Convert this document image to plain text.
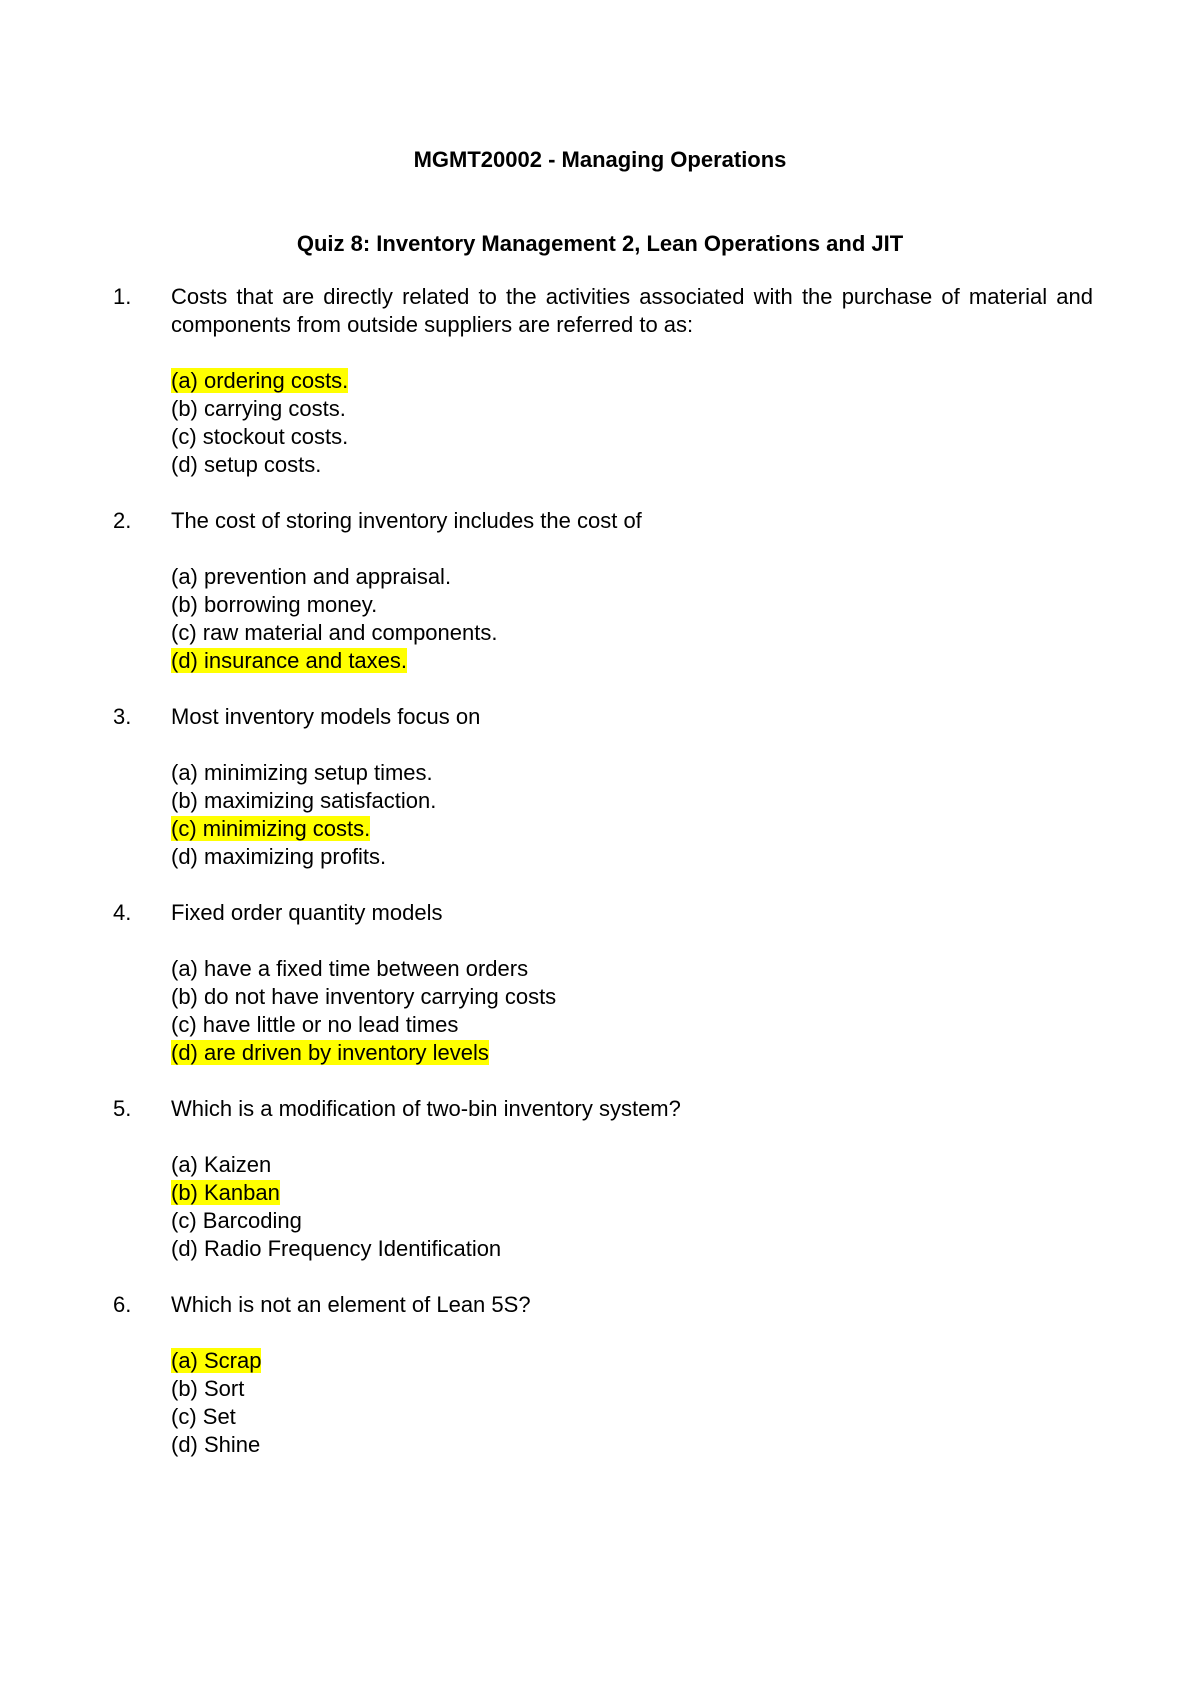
MGMT20002 - Managing Operations
Quiz 8: Inventory Management 2, Lean Operations and JIT
1. Costs that are directly related to the activities associated with the purchase of material and components from outside suppliers are referred to as:
(a) ordering costs.
(b) carrying costs.
(c) stockout costs.
(d) setup costs.
2. The cost of storing inventory includes the cost of
(a) prevention and appraisal.
(b) borrowing money.
(c) raw material and components.
(d) insurance and taxes.
3. Most inventory models focus on
(a) minimizing setup times.
(b) maximizing satisfaction.
(c) minimizing costs.
(d) maximizing profits.
4. Fixed order quantity models
(a) have a fixed time between orders
(b) do not have inventory carrying costs
(c) have little or no lead times
(d) are driven by inventory levels
5. Which is a modification of two-bin inventory system?
(a) Kaizen
(b) Kanban
(c) Barcoding
(d) Radio Frequency Identification
6. Which is not an element of Lean 5S?
(a) Scrap
(b) Sort
(c) Set
(d) Shine
